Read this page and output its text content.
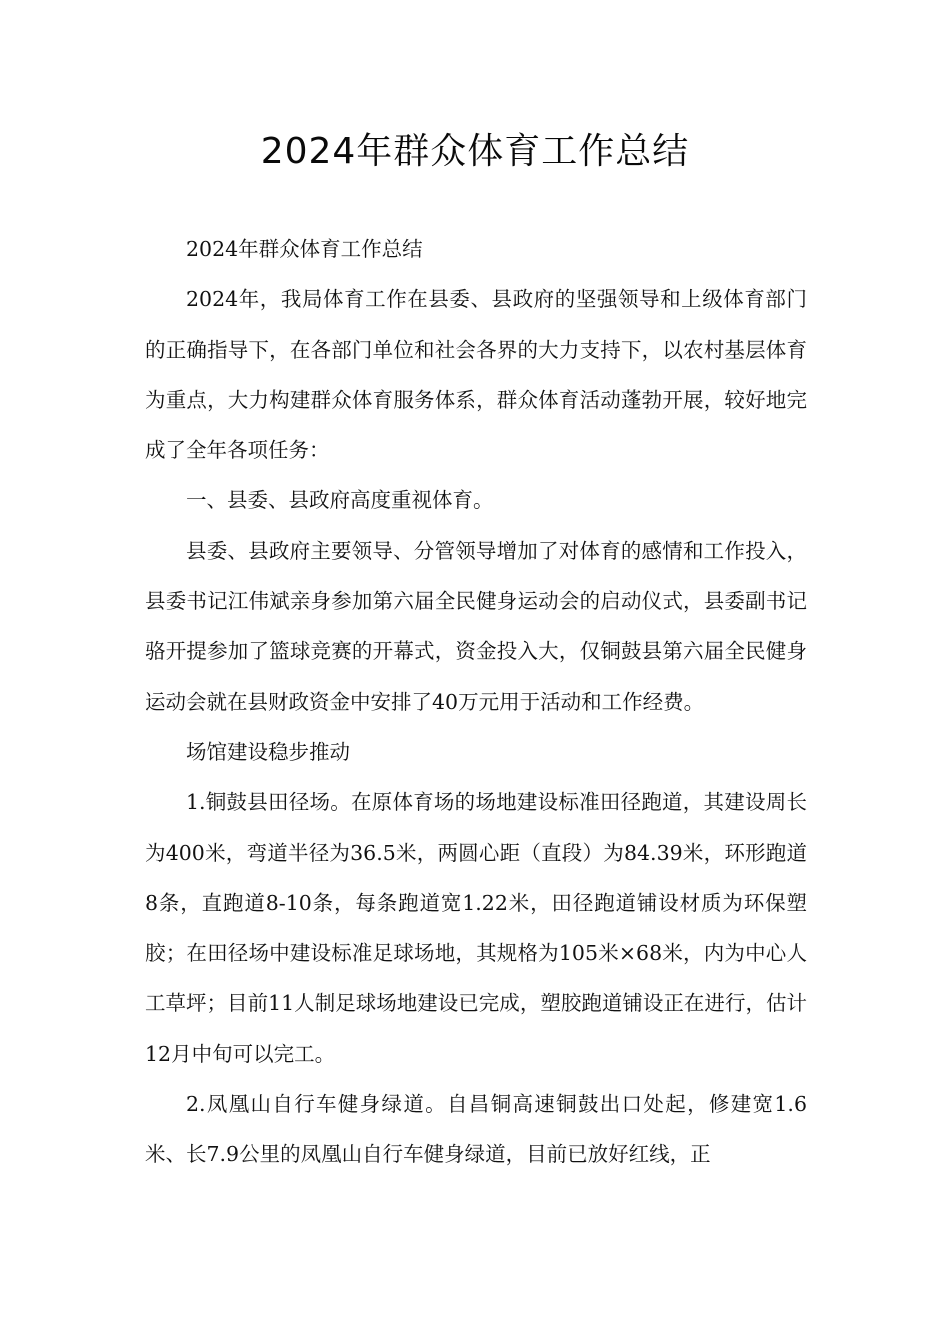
2024年群众体育工作总结

2024年群众体育工作总结

2024年，我局体育工作在县委、县政府的坚强领导和上级体育部门的正确指导下，在各部门单位和社会各界的大力支持下，以农村基层体育为重点，大力构建群众体育服务体系，群众体育活动蓬勃开展，较好地完成了全年各项任务：

一、县委、县政府高度重视体育。

县委、县政府主要领导、分管领导增加了对体育的感情和工作投入，县委书记江伟斌亲身参加第六届全民健身运动会的启动仪式，县委副书记骆开提参加了篮球竞赛的开幕式，资金投入大，仅铜鼓县第六届全民健身运动会就在县财政资金中安排了40万元用于活动和工作经费。

场馆建设稳步推动

1.铜鼓县田径场。在原体育场的场地建设标准田径跑道，其建设周长为400米，弯道半径为36.5米，两圆心距（直段）为84.39米，环形跑道8条，直跑道8-10条，每条跑道宽1.22米，田径跑道铺设材质为环保塑胶；在田径场中建设标准足球场地，其规格为105米×68米，内为中心人工草坪；目前11人制足球场地建设已完成，塑胶跑道铺设正在进行，估计12月中旬可以完工。

2.凤凰山自行车健身绿道。自昌铜高速铜鼓出口处起，修建宽1.6米、长7.9公里的凤凰山自行车健身绿道，目前已放好红线，正
